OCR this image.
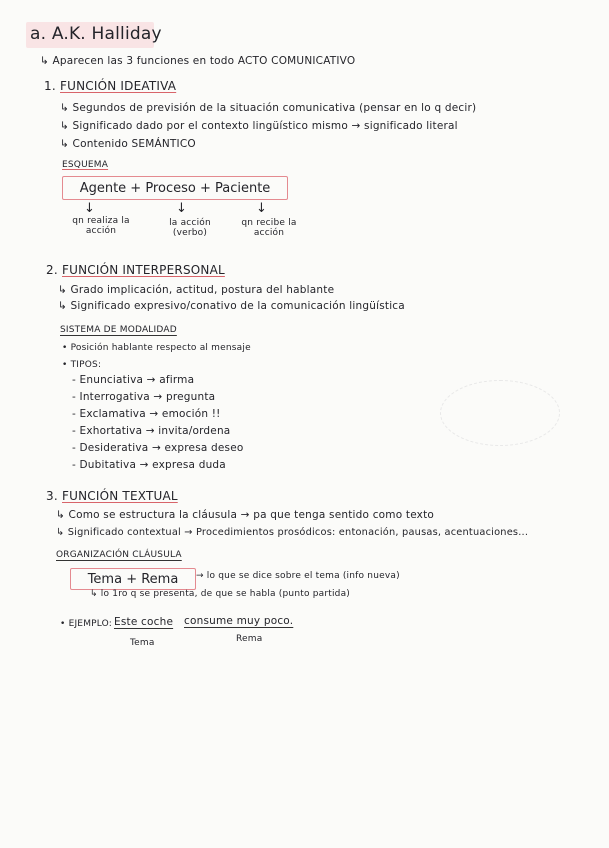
a. A.K. Halliday
↳ Aparecen las 3 funciones en todo ACTO COMUNICATIVO
1. FUNCIÓN IDEATIVA
↳ Segundos de previsión de la situación comunicativa (pensar en lo q decir)
↳ Significado dado por el contexto lingüístico mismo → significado literal
↳ Contenido SEMÁNTICO
ESQUEMA
Agente + Proceso + Paciente
↓	↓	↓
qn realiza la acción
la acción (verbo)
qn recibe la acción
2. FUNCIÓN INTERPERSONAL
↳ Grado implicación, actitud, postura del hablante
↳ Significado expresivo/conativo de la comunicación lingüística
SISTEMA DE MODALIDAD
• Posición hablante respecto al mensaje
• TIPOS:
- Enunciativa → afirma
- Interrogativa → pregunta
- Exclamativa → emoción !!
- Exhortativa → invita/ordena
- Desiderativa → expresa deseo
- Dubitativa → expresa duda
3. FUNCIÓN TEXTUAL
↳ Como se estructura la cláusula → pa que tenga sentido como texto
↳ Significado contextual → Procedimientos prosódicos: entonación, pausas, acentuaciones...
ORGANIZACIÓN CLÁUSULA
Tema + Rema	→ lo que se dice sobre el tema (info nueva)
↳ lo 1ro q se presenta, de que se habla (punto partida)
• EJEMPLO: Este coche consume muy poco.
Tema	Rema
